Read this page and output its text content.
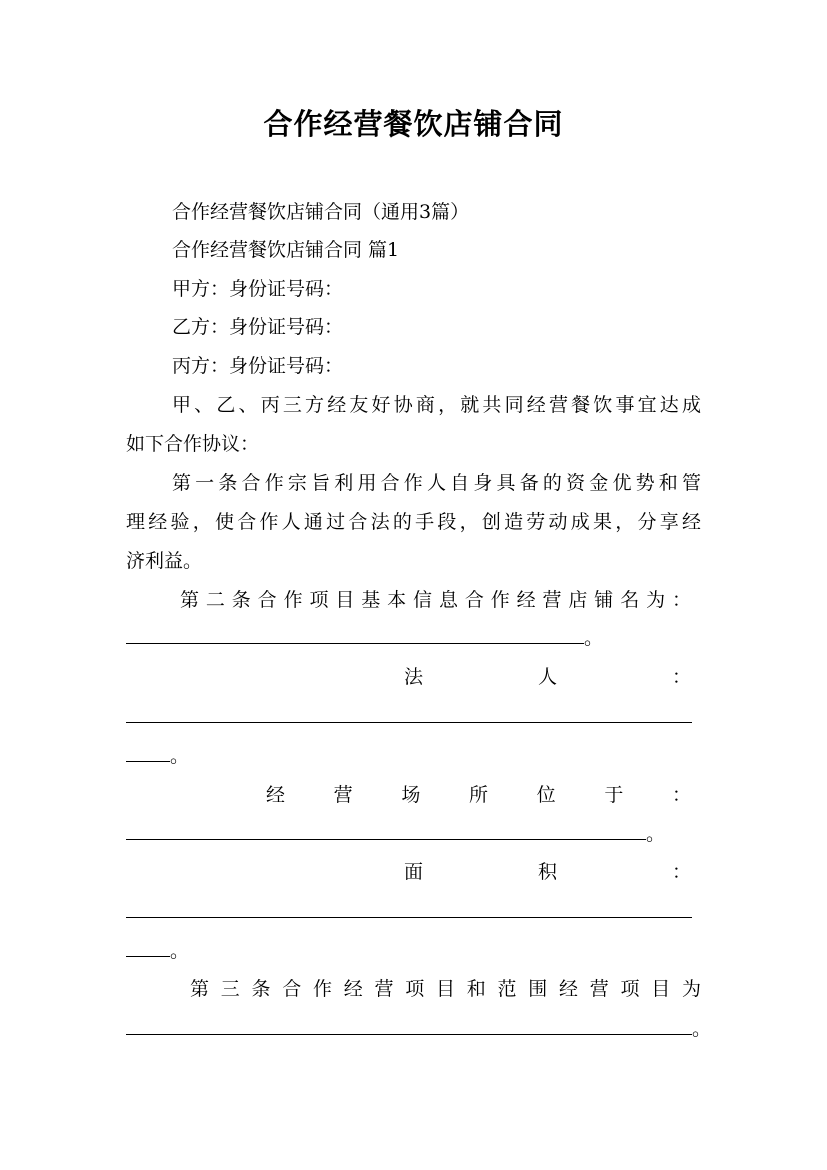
合作经营餐饮店铺合同
合作经营餐饮店铺合同（通用3篇）
合作经营餐饮店铺合同 篇1
甲方：身份证号码：
乙方：身份证号码：
丙方：身份证号码：
甲、乙、丙三方经友好协商，就共同经营餐饮事宜达成
如下合作协议：
第一条合作宗旨利用合作人自身具备的资金优势和管
理经验，使合作人通过合法的手段，创造劳动成果，分享经
济利益。
第二条合作项目基本信息合作经营店铺名为：
。
法人：
。
经营场所位于：
。
面积：
。
第三条合作经营项目和范围经营项目为
。
